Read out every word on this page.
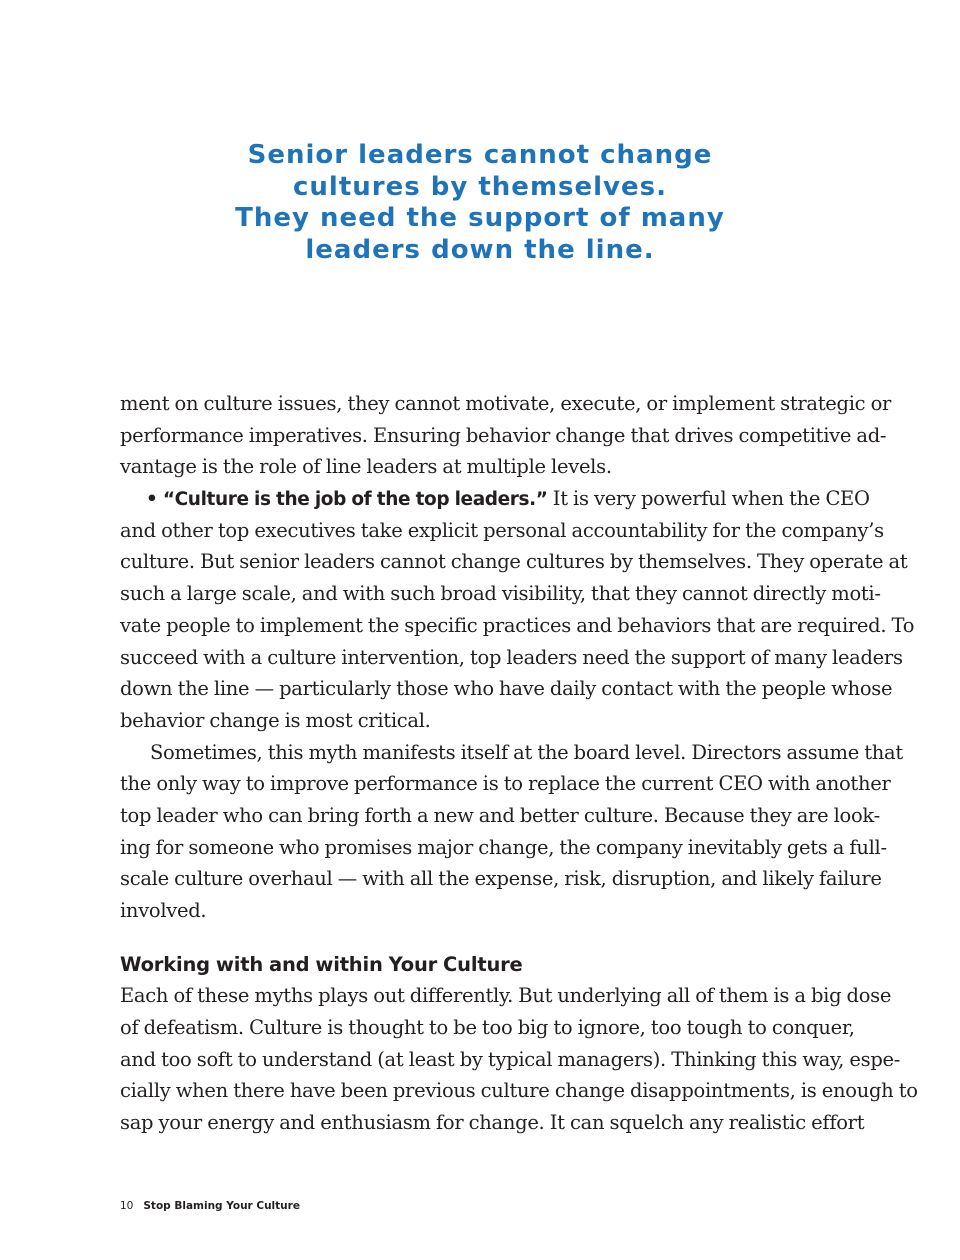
Senior leaders cannot change
cultures by themselves.
They need the support of many
leaders down the line.
ment on culture issues, they cannot motivate, execute, or implement strategic or
performance imperatives. Ensuring behavior change that drives competitive ad-
vantage is the role of line leaders at multiple levels.
• “Culture is the job of the top leaders.” It is very powerful when the CEO
and other top executives take explicit personal accountability for the company’s
culture. But senior leaders cannot change cultures by themselves. They operate at
such a large scale, and with such broad visibility, that they cannot directly moti-
vate people to implement the specific practices and behaviors that are required. To
succeed with a culture intervention, top leaders need the support of many leaders
down the line — particularly those who have daily contact with the people whose
behavior change is most critical.
Sometimes, this myth manifests itself at the board level. Directors assume that
the only way to improve performance is to replace the current CEO with another
top leader who can bring forth a new and better culture. Because they are look-
ing for someone who promises major change, the company inevitably gets a full-
scale culture overhaul — with all the expense, risk, disruption, and likely failure
involved.
Working with and within Your Culture
Each of these myths plays out differently. But underlying all of them is a big dose
of defeatism. Culture is thought to be too big to ignore, too tough to conquer,
and too soft to understand (at least by typical managers). Thinking this way, espe-
cially when there have been previous culture change disappointments, is enough to
sap your energy and enthusiasm for change. It can squelch any realistic effort
10 Stop Blaming Your Culture
